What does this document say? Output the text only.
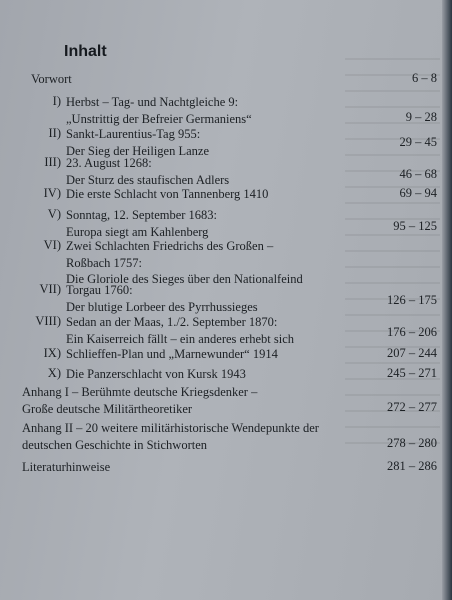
Inhalt
Vorwort	6 – 8
I) Herbst – Tag- und Nachtgleiche 9:
„Unstrittig der Befreier Germaniens“	9 – 28
II) Sankt-Laurentius-Tag 955:
Der Sieg der Heiligen Lanze
29 – 45
III) 23. August 1268:
Der Sturz des staufischen Adlers	46 – 68
IV) Die erste Schlacht von Tannenberg 1410	69 – 94
V) Sonntag, 12. September 1683:
Europa siegt am Kahlenberg	95 – 125
VI) Zwei Schlachten Friedrichs des Großen –
Roßbach 1757:
Die Gloriole des Sieges über den Nationalfeind
VII) Torgau 1760:
Der blutige Lorbeer des Pyrrhussieges	126 – 175
VIII) Sedan an der Maas, 1./2. September 1870:
Ein Kaiserreich fällt – ein anderes erhebt sich	176 – 206
IX) Schlieffen-Plan und „Marnewunder“ 1914	207 – 244
X) Die Panzerschlacht von Kursk 1943	245 – 271
Anhang I – Berühmte deutsche Kriegsdenker –
Große deutsche Militärtheoretiker	272 – 277
Anhang II – 20 weitere militärhistorische Wendepunkte der
deutschen Geschichte in Stichworten	278 – 280
Literaturhinweise	281 – 286
